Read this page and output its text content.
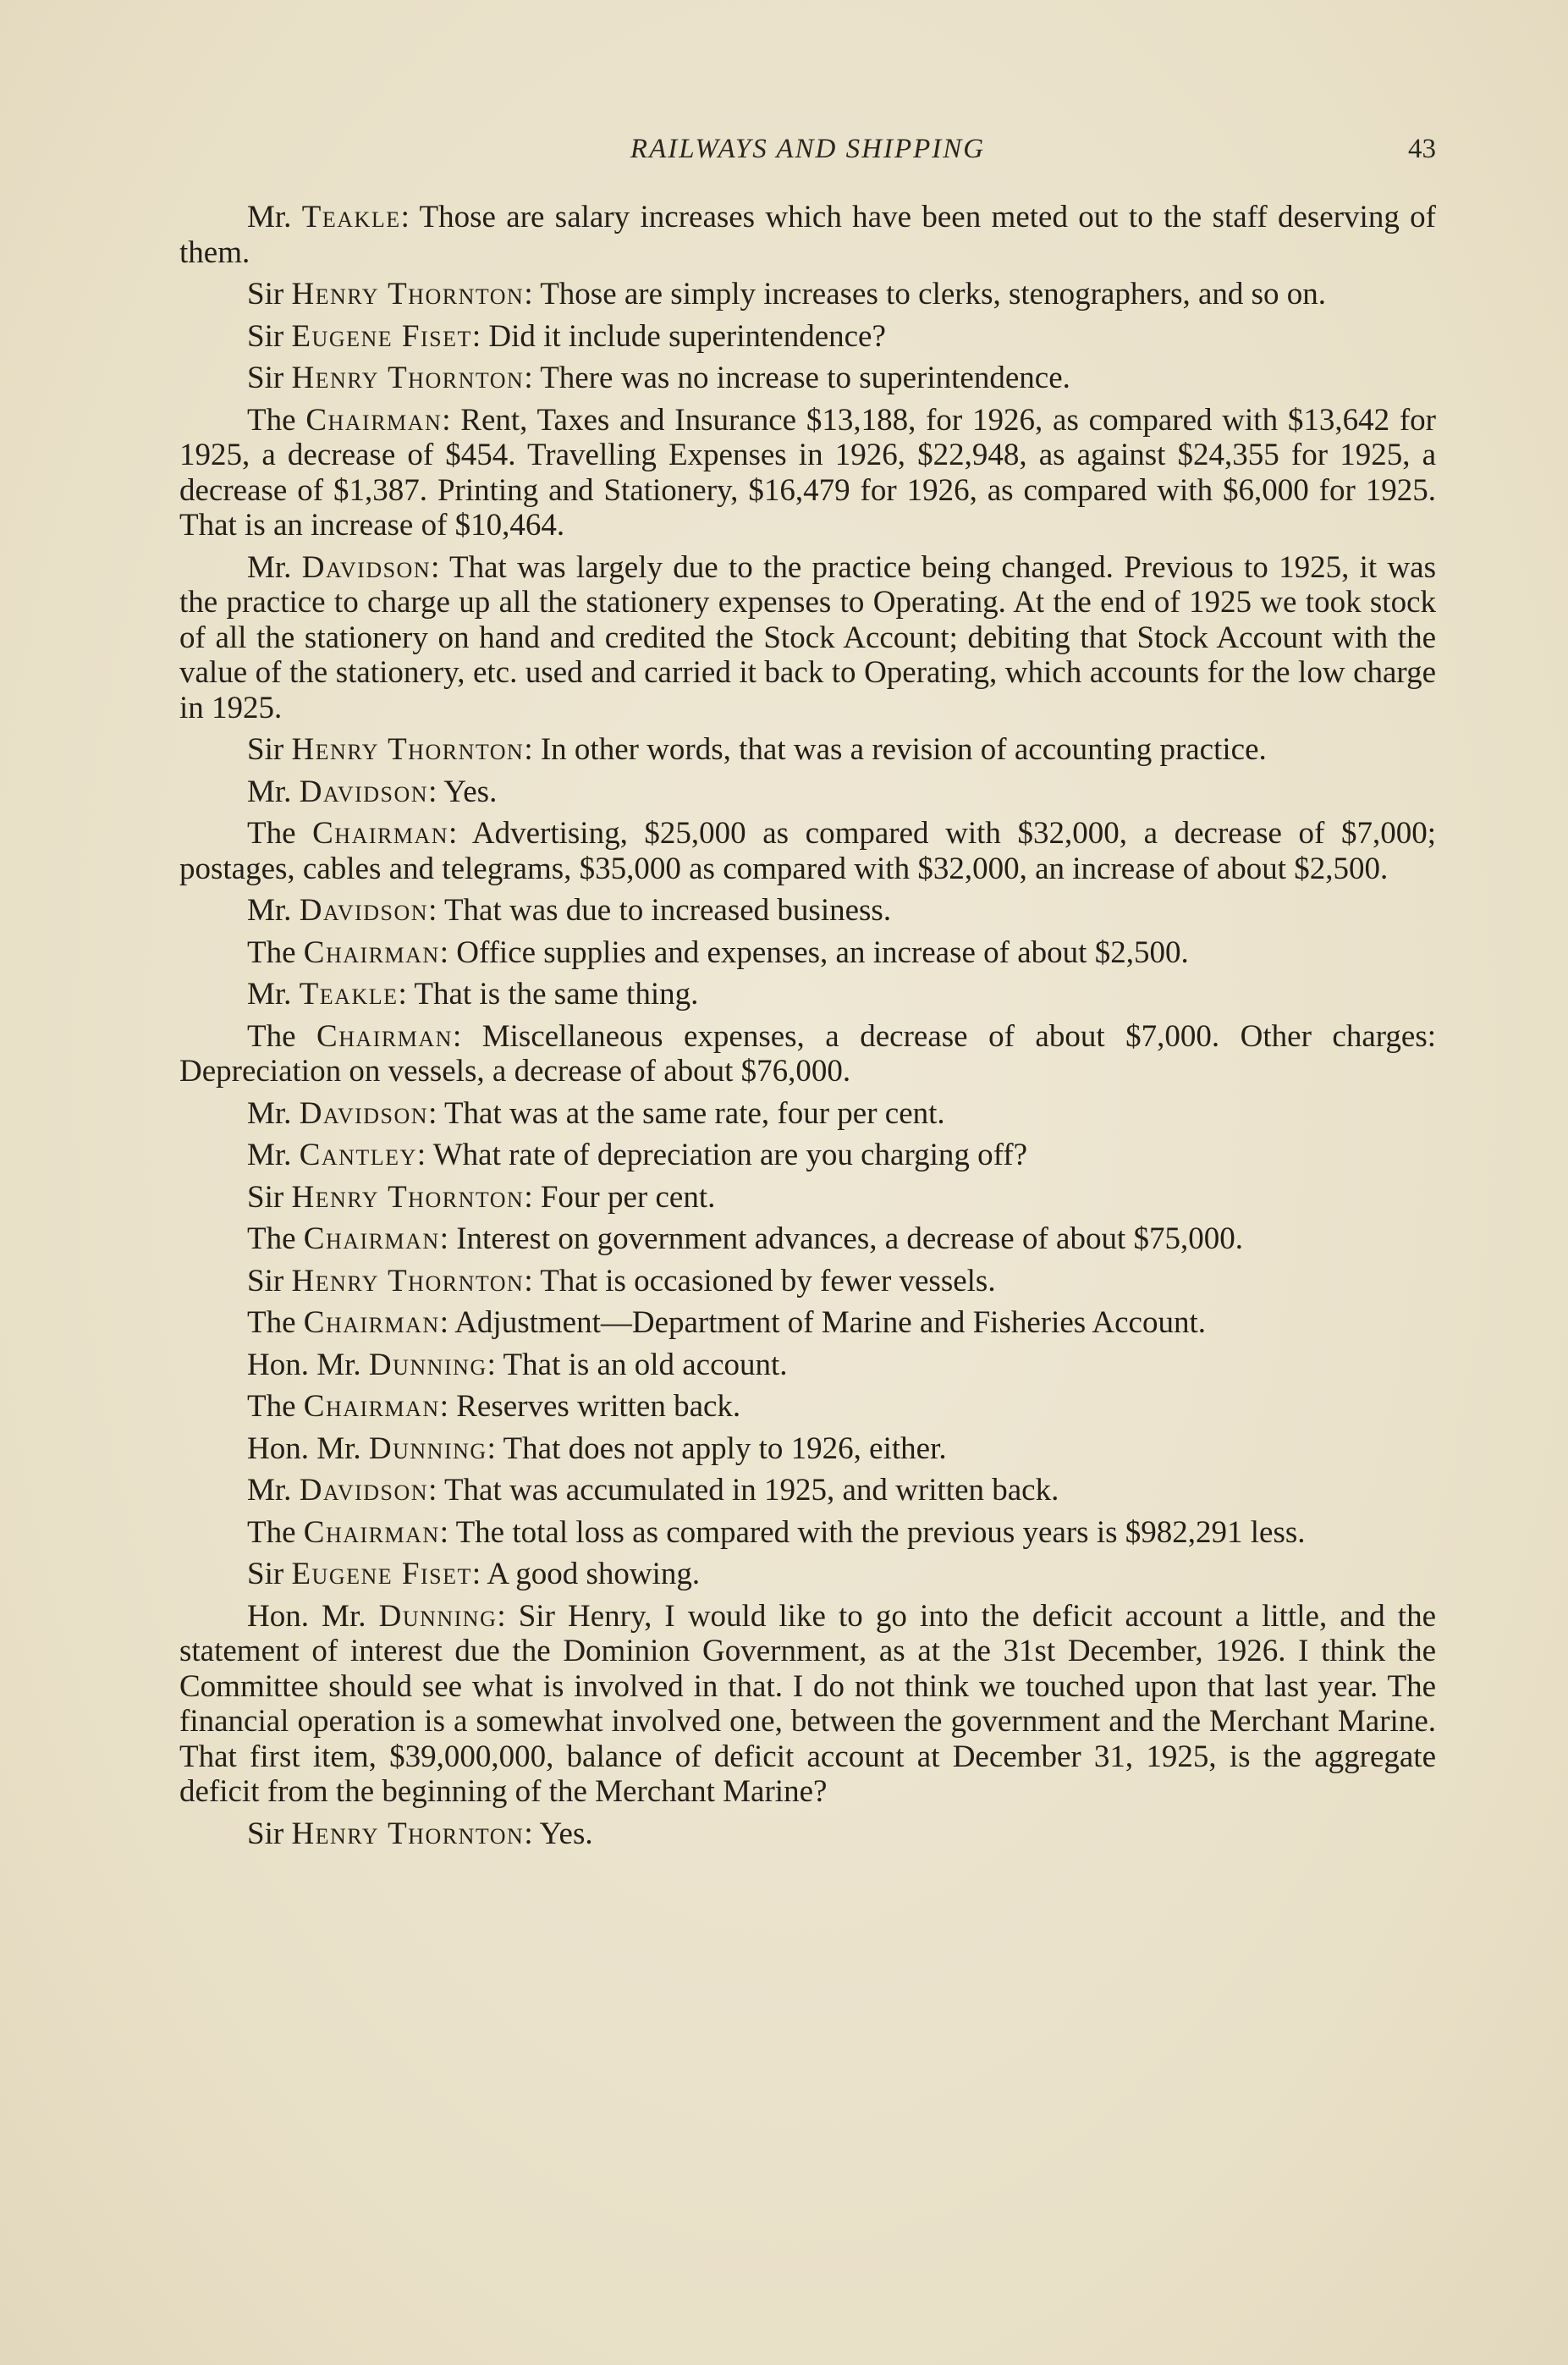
RAILWAYS AND SHIPPING	43

Mr. Teakle: Those are salary increases which have been meted out to the staff deserving of them.

Sir Henry Thornton: Those are simply increases to clerks, stenographers, and so on.

Sir Eugene Fiset: Did it include superintendence?

Sir Henry Thornton: There was no increase to superintendence.

The Chairman: Rent, Taxes and Insurance $13,188, for 1926, as compared with $13,642 for 1925, a decrease of $454. Travelling Expenses in 1926, $22,948, as against $24,355 for 1925, a decrease of $1,387. Printing and Stationery, $16,479 for 1926, as compared with $6,000 for 1925. That is an increase of $10,464.

Mr. Davidson: That was largely due to the practice being changed. Previous to 1925, it was the practice to charge up all the stationery expenses to Operating. At the end of 1925 we took stock of all the stationery on hand and credited the Stock Account; debiting that Stock Account with the value of the stationery, etc. used and carried it back to Operating, which accounts for the low charge in 1925.

Sir Henry Thornton: In other words, that was a revision of accounting practice.

Mr. Davidson: Yes.

The Chairman: Advertising, $25,000 as compared with $32,000, a decrease of $7,000; postages, cables and telegrams, $35,000 as compared with $32,000, an increase of about $2,500.

Mr. Davidson: That was due to increased business.

The Chairman: Office supplies and expenses, an increase of about $2,500.

Mr. Teakle: That is the same thing.

The Chairman: Miscellaneous expenses, a decrease of about $7,000. Other charges: Depreciation on vessels, a decrease of about $76,000.

Mr. Davidson: That was at the same rate, four per cent.

Mr. Cantley: What rate of depreciation are you charging off?

Sir Henry Thornton: Four per cent.

The Chairman: Interest on government advances, a decrease of about $75,000.

Sir Henry Thornton: That is occasioned by fewer vessels.

The Chairman: Adjustment—Department of Marine and Fisheries Account.

Hon. Mr. Dunning: That is an old account.

The Chairman: Reserves written back.

Hon. Mr. Dunning: That does not apply to 1926, either.

Mr. Davidson: That was accumulated in 1925, and written back.

The Chairman: The total loss as compared with the previous years is $982,291 less.

Sir Eugene Fiset: A good showing.

Hon. Mr. Dunning: Sir Henry, I would like to go into the deficit account a little, and the statement of interest due the Dominion Government, as at the 31st December, 1926. I think the Committee should see what is involved in that. I do not think we touched upon that last year. The financial operation is a somewhat involved one, between the government and the Merchant Marine. That first item, $39,000,000, balance of deficit account at December 31, 1925, is the aggregate deficit from the beginning of the Merchant Marine?

Sir Henry Thornton: Yes.
